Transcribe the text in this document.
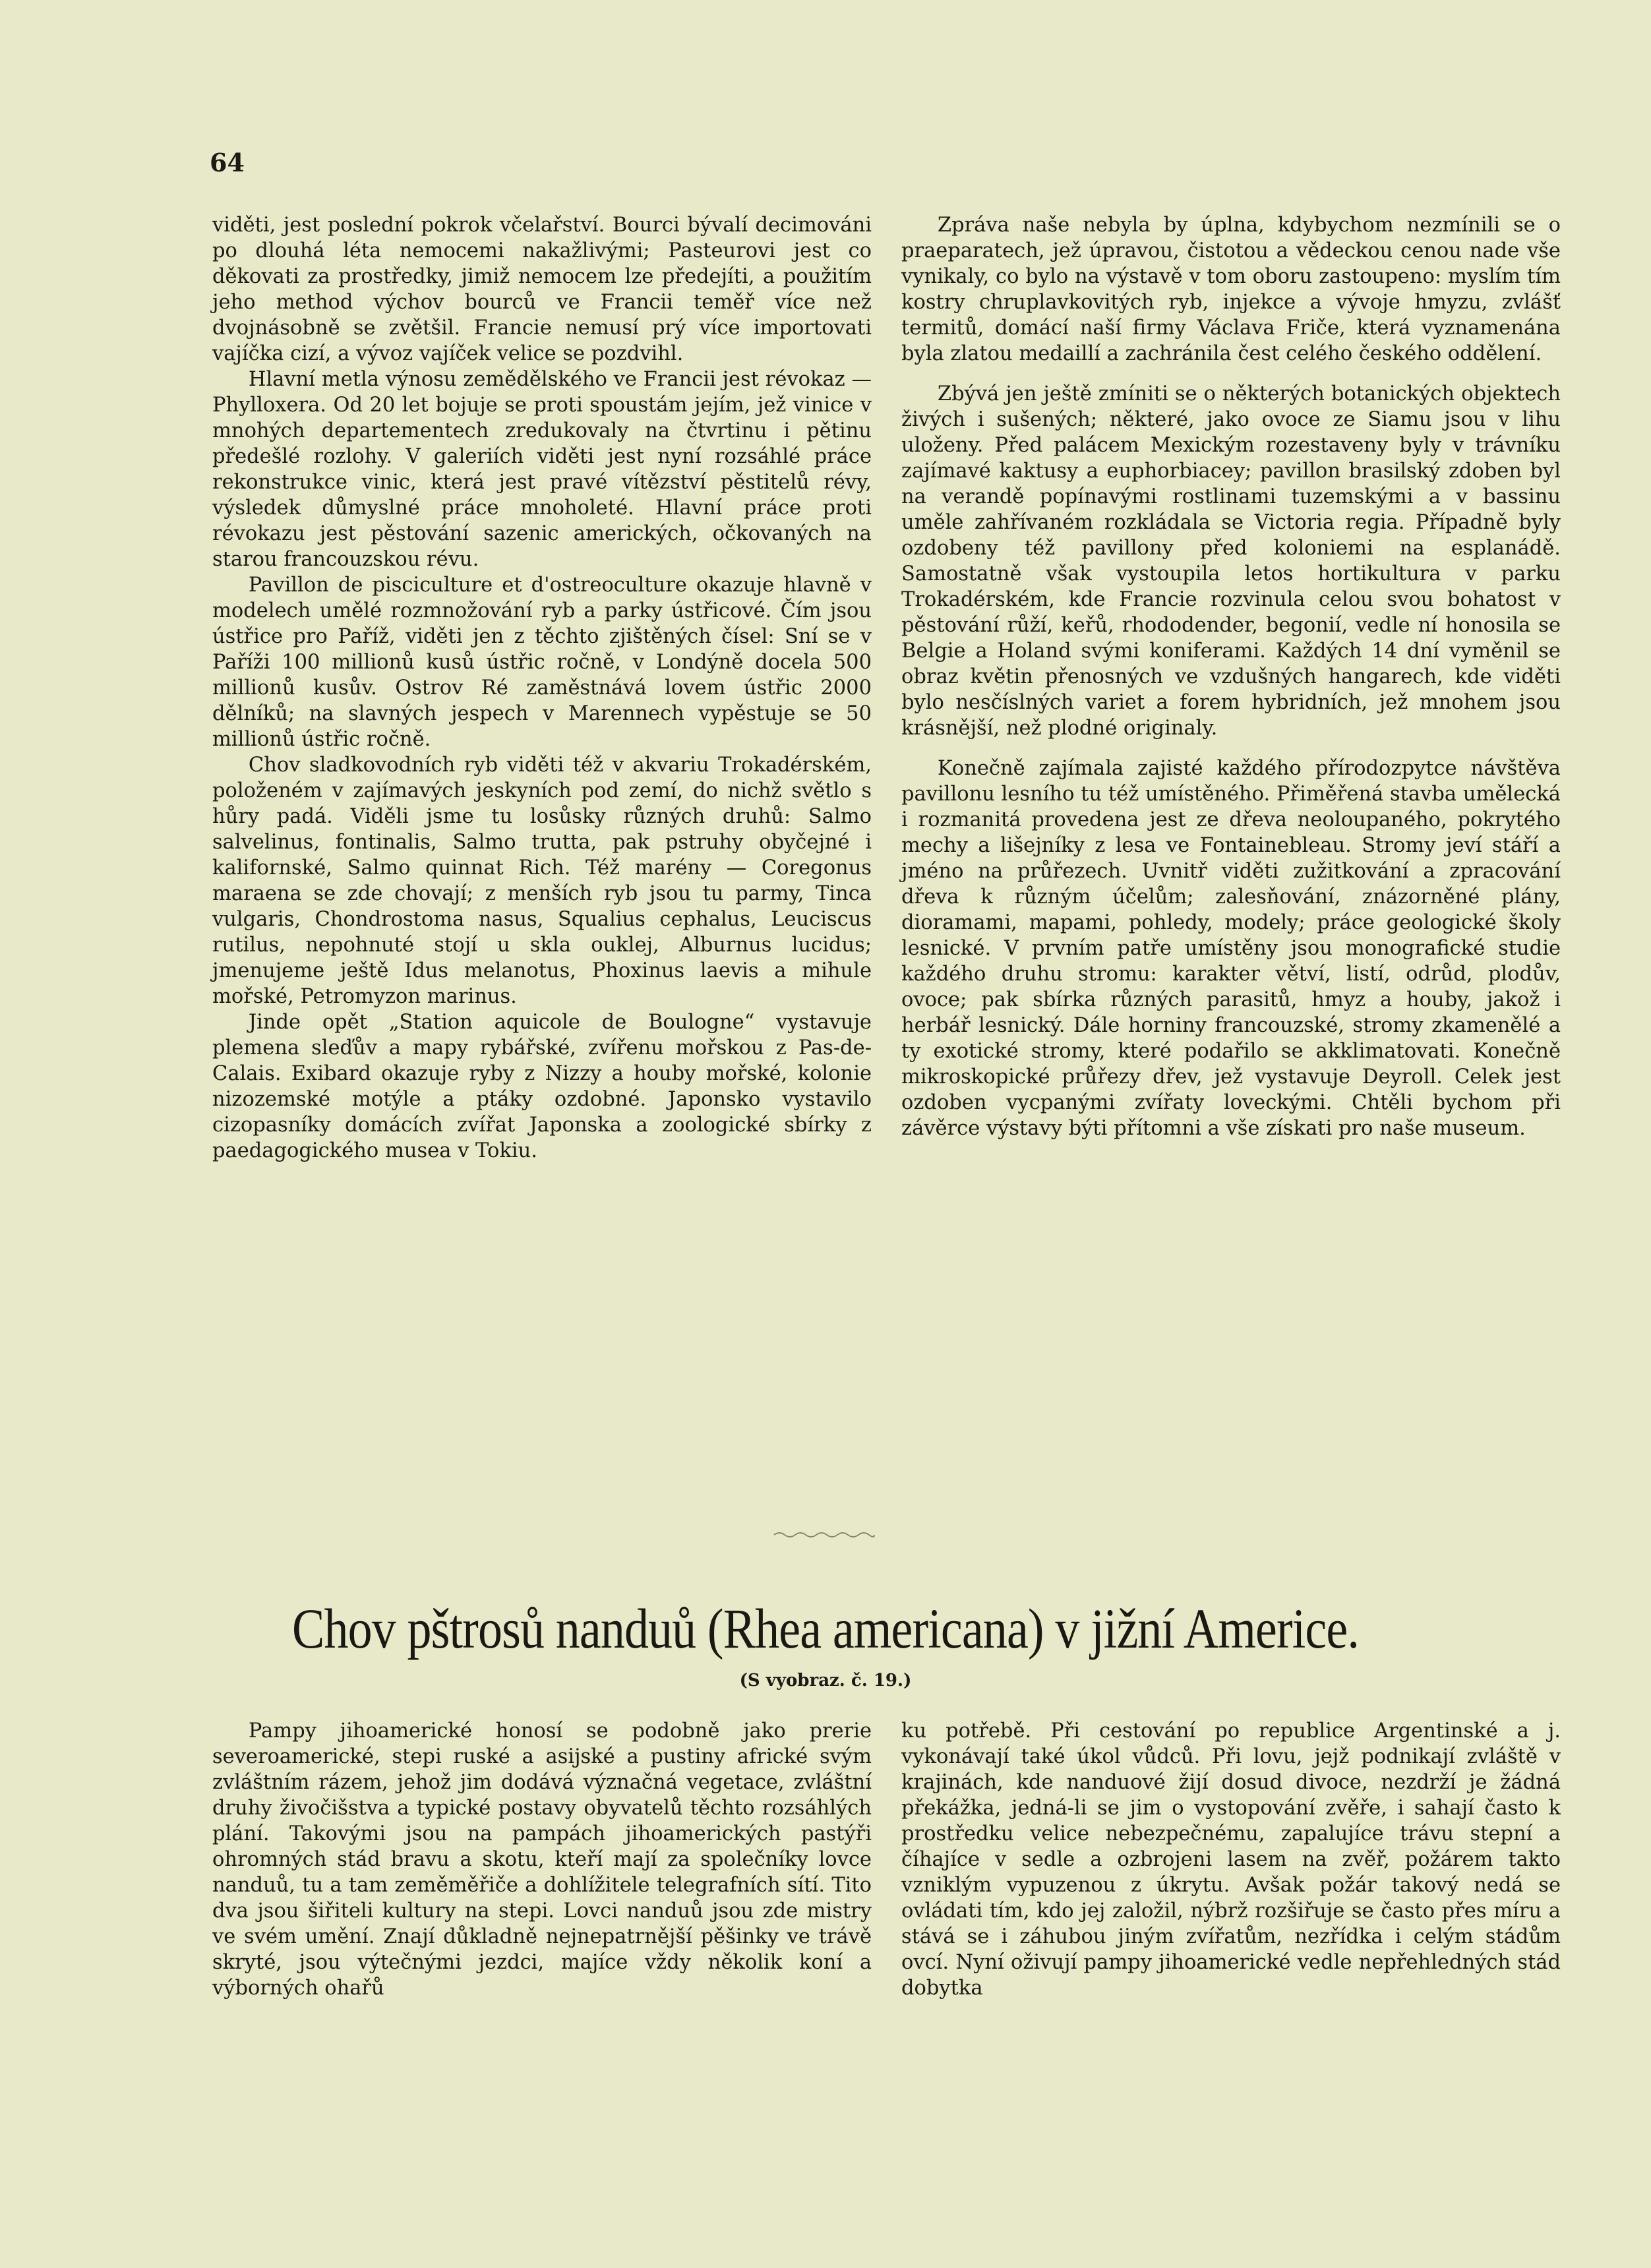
64

viděti, jest poslední pokrok včelařství. Bourci bývalí decimováni po dlouhá léta nemocemi nakažlivými; Pasteurovi jest co děkovati za prostředky, jimiž nemocem lze předejíti, a použitím jeho method výchov bourců ve Francii teměř více než dvojnásobně se zvětšil. Francie nemusí prý více importovati vajíčka cizí, a vývoz vajíček velice se pozdvihl.

Hlavní metla výnosu zemědělského ve Francii jest révokaz — Phylloxera. Od 20 let bojuje se proti spoustám jejím, jež vinice v mnohých departementech zredukovaly na čtvrtinu i pětinu předešlé rozlohy. V galeriích viděti jest nyní rozsáhlé práce rekonstrukce vinic, která jest pravé vítězství pěstitelů révy, výsledek důmyslné práce mnoholeté. Hlavní práce proti révokazu jest pěstování sazenic amerických, očkovaných na starou francouzskou révu.

Pavillon de pisciculture et d'ostreoculture okazuje hlavně v modelech umělé rozmnožování ryb a parky ústřicové. Čím jsou ústřice pro Paříž, viděti jen z těchto zjištěných čísel: Sní se v Paříži 100 millionů kusů ústřic ročně, v Londýně docela 500 millionů kusův. Ostrov Ré zaměstnává lovem ústřic 2000 dělníků; na slavných jespech v Marennech vypěstuje se 50 millionů ústřic ročně.

Chov sladkovodních ryb viděti též v akvariu Trokadérském, položeném v zajímavých jeskyních pod zemí, do nichž světlo s hůry padá. Viděli jsme tu losůsky různých druhů: Salmo salvelinus, fontinalis, Salmo trutta, pak pstruhy obyčejné i kalifornské, Salmo quinnat Rich. Též marény — Coregonus maraena se zde chovají; z menších ryb jsou tu parmy, Tinca vulgaris, Chondrostoma nasus, Squalius cephalus, Leuciscus rutilus, nepohnuté stojí u skla ouklej, Alburnus lucidus; jmenujeme ještě Idus melanotus, Phoxinus laevis a mihule mořské, Petromyzon marinus.

Jinde opět „Station aquicole de Boulogne“ vystavuje plemena sleďův a mapy rybářské, zvířenu mořskou z Pas-de-Calais. Exibard okazuje ryby z Nizzy a houby mořské, kolonie nizozemské motýle a ptáky ozdobné. Japonsko vystavilo cizopasníky domácích zvířat Japonska a zoologické sbírky z paedagogického musea v Tokiu.

Zpráva naše nebyla by úplna, kdybychom nezmínili se o praeparatech, jež úpravou, čistotou a vědeckou cenou nade vše vynikaly, co bylo na výstavě v tom oboru zastoupeno: myslím tím kostry chruplavkovitých ryb, injekce a vývoje hmyzu, zvlášť termitů, domácí naší firmy Václava Friče, která vyznamenána byla zlatou medaillí a zachránila čest celého českého oddělení.

Zbývá jen ještě zmíniti se o některých botanických objektech živých i sušených; některé, jako ovoce ze Siamu jsou v lihu uloženy. Před palácem Mexickým rozestaveny byly v trávníku zajímavé kaktusy a euphorbiacey; pavillon brasilský zdoben byl na verandě popínavými rostlinami tuzemskými a v bassinu uměle zahřívaném rozkládala se Victoria regia. Případně byly ozdobeny též pavillony před koloniemi na esplanádě. Samostatně však vystoupila letos hortikultura v parku Trokadérském, kde Francie rozvinula celou svou bohatost v pěstování růží, keřů, rhododender, begonií, vedle ní honosila se Belgie a Holand svými koniferami. Každých 14 dní vyměnil se obraz květin přenosných ve vzdušných hangarech, kde viděti bylo nesčíslných variet a forem hybridních, jež mnohem jsou krásnější, než plodné originaly.

Konečně zajímala zajisté každého přírodozpytce návštěva pavillonu lesního tu též umístěného. Přiměřená stavba umělecká i rozmanitá provedena jest ze dřeva neoloupaného, pokrytého mechy a lišejníky z lesa ve Fontainebleau. Stromy jeví stáří a jméno na průřezech. Uvnitř viděti zužitkování a zpracování dřeva k různým účelům; zalesňování, znázorněné plány, dioramami, mapami, pohledy, modely; práce geologické školy lesnické. V prvním patře umístěny jsou monografické studie každého druhu stromu: karakter větví, listí, odrůd, plodův, ovoce; pak sbírka různých parasitů, hmyz a houby, jakož i herbář lesnický. Dále horniny francouzské, stromy zkamenělé a ty exotické stromy, které podařilo se akklimatovati. Konečně mikroskopické průřezy dřev, jež vystavuje Deyroll. Celek jest ozdoben vycpanými zvířaty loveckými. Chtěli bychom při závěrce výstavy býti přítomni a vše získati pro naše museum.

Chov pštrosů nanduů (Rhea americana) v jižní Americe.
(S vyobraz. č. 19.)

Pampy jihoamerické honosí se podobně jako prerie severoamerické, stepi ruské a asijské a pustiny africké svým zvláštním rázem, jehož jim dodává význačná vegetace, zvláštní druhy živočišstva a typické postavy obyvatelů těchto rozsáhlých plání. Takovými jsou na pampách jihoamerických pastýři ohromných stád bravu a skotu, kteří mají za společníky lovce nanduů, tu a tam zeměměřiče a dohlížitele telegrafních sítí. Tito dva jsou šiřiteli kultury na stepi. Lovci nanduů jsou zde mistry ve svém umění. Znají důkladně nejnepatrnější pěšinky ve trávě skryté, jsou výtečnými jezdci, majíce vždy několik koní a výborných ohařů

ku potřebě. Při cestování po republice Argentinské a j. vykonávají také úkol vůdců. Při lovu, jejž podnikají zvláště v krajinách, kde nanduové žijí dosud divoce, nezdrží je žádná překážka, jedná-li se jim o vystopování zvěře, i sahají často k prostředku velice nebezpečnému, zapalujíce trávu stepní a číhajíce v sedle a ozbrojeni lasem na zvěř, požárem takto vzniklým vypuzenou z úkrytu. Avšak požár takový nedá se ovládati tím, kdo jej založil, nýbrž rozšiřuje se často přes míru a stává se i záhubou jiným zvířatům, nezřídka i celým stádům ovcí. Nyní oživují pampy jihoamerické vedle nepřehledných stád dobytka
